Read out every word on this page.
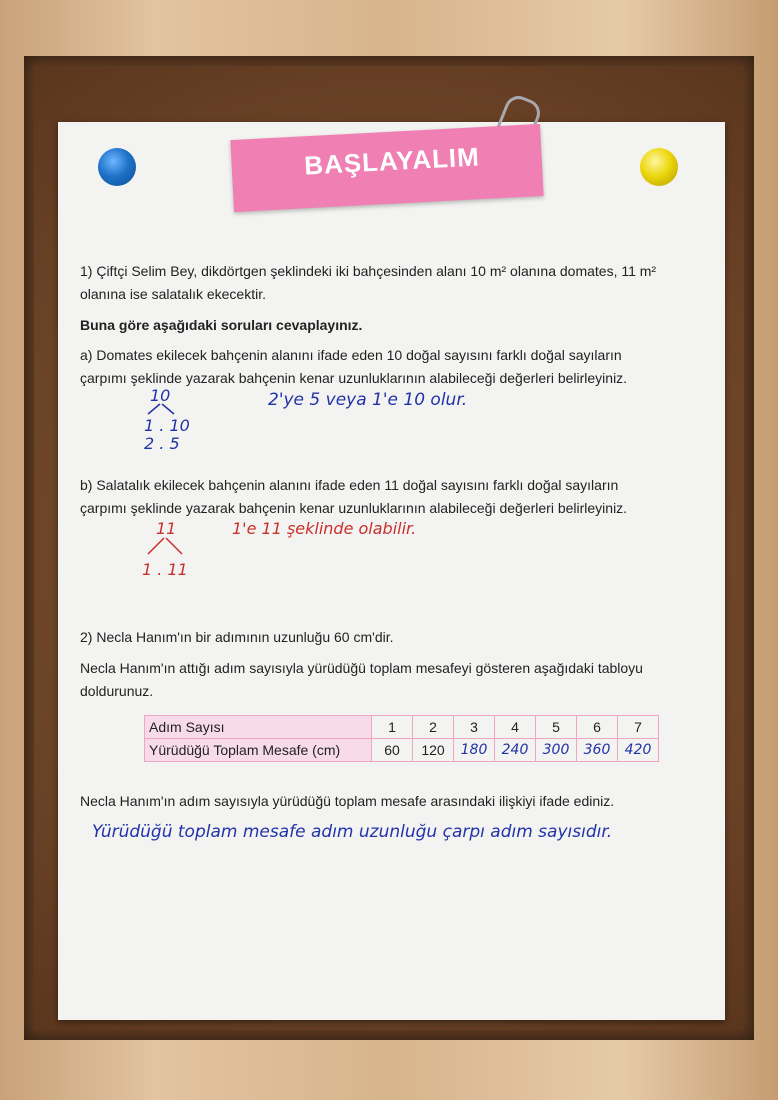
BAŞLAYALIM
1) Çiftçi Selim Bey, dikdörtgen şeklindeki iki bahçesinden alanı 10 m² olanına domates, 11 m²
olanına ise salatalık ekecektir.
Buna göre aşağıdaki soruları cevaplayınız.
a) Domates ekilecek bahçenin alanını ifade eden 10 doğal sayısını farklı doğal sayıların
çarpımı şeklinde yazarak bahçenin kenar uzunluklarının alabileceği değerleri belirleyiniz.
10
1 . 10
2 . 5
2'ye 5 veya 1'e 10 olur.
b) Salatalık ekilecek bahçenin alanını ifade eden 11 doğal sayısını farklı doğal sayıların
çarpımı şeklinde yazarak bahçenin kenar uzunluklarının alabileceği değerleri belirleyiniz.
11
1 . 11
1'e 11 şeklinde olabilir.
2) Necla Hanım'ın bir adımının uzunluğu 60 cm'dir.
Necla Hanım'ın attığı adım sayısıyla yürüdüğü toplam mesafeyi gösteren aşağıdaki tabloyu
doldurunuz.
Adım Sayısı	1	2	3	4	5	6	7
Yürüdüğü Toplam Mesafe (cm)	60	120	180	240	300	360	420
Necla Hanım'ın adım sayısıyla yürüdüğü toplam mesafe arasındaki ilişkiyi ifade ediniz.
Yürüdüğü toplam mesafe adım uzunluğu çarpı adım sayısıdır.
